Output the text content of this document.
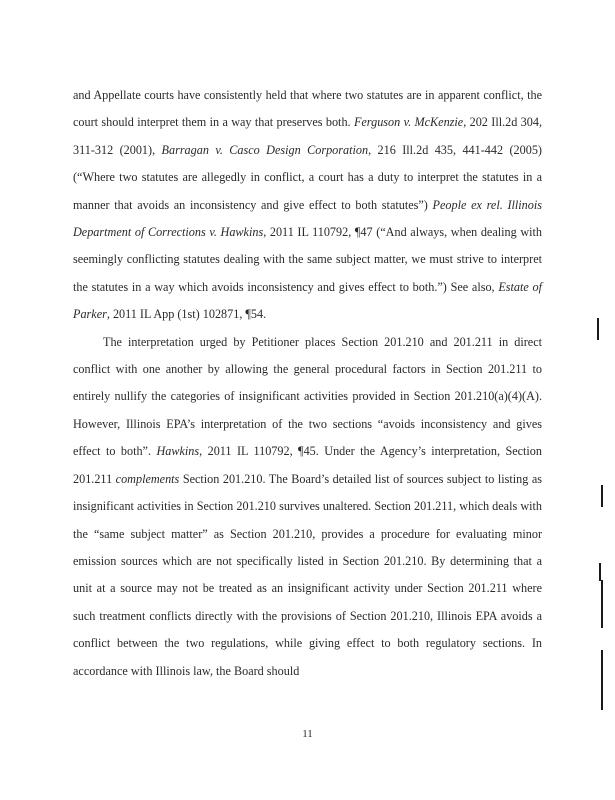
and Appellate courts have consistently held that where two statutes are in apparent conflict, the court should interpret them in a way that preserves both. Ferguson v. McKenzie, 202 Ill.2d 304, 311-312 (2001), Barragan v. Casco Design Corporation, 216 Ill.2d 435, 441-442 (2005) (“Where two statutes are allegedly in conflict, a court has a duty to interpret the statutes in a manner that avoids an inconsistency and give effect to both statutes”) People ex rel. Illinois Department of Corrections v. Hawkins, 2011 IL 110792, ¶47 (“And always, when dealing with seemingly conflicting statutes dealing with the same subject matter, we must strive to interpret the statutes in a way which avoids inconsistency and gives effect to both.”) See also, Estate of Parker, 2011 IL App (1st) 102871, ¶54.

The interpretation urged by Petitioner places Section 201.210 and 201.211 in direct conflict with one another by allowing the general procedural factors in Section 201.211 to entirely nullify the categories of insignificant activities provided in Section 201.210(a)(4)(A). However, Illinois EPA’s interpretation of the two sections “avoids inconsistency and gives effect to both”. Hawkins, 2011 IL 110792, ¶45. Under the Agency’s interpretation, Section 201.211 complements Section 201.210. The Board’s detailed list of sources subject to listing as insignificant activities in Section 201.210 survives unaltered. Section 201.211, which deals with the “same subject matter” as Section 201.210, provides a procedure for evaluating minor emission sources which are not specifically listed in Section 201.210. By determining that a unit at a source may not be treated as an insignificant activity under Section 201.211 where such treatment conflicts directly with the provisions of Section 201.210, Illinois EPA avoids a conflict between the two regulations, while giving effect to both regulatory sections. In accordance with Illinois law, the Board should

11
